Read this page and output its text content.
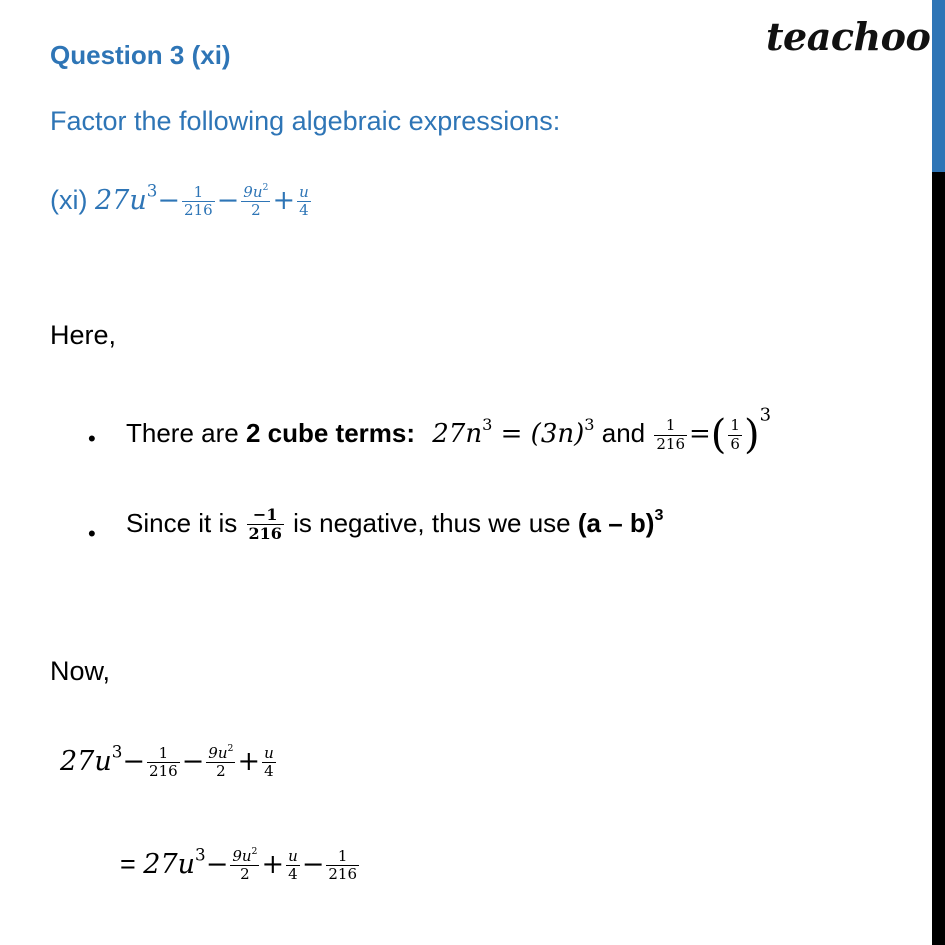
teachoo
Question 3 (xi)
Factor the following algebraic expressions:
(xi) $27u^3- \frac{1}{216} - \frac{9u^2}{2} + \frac{u}{4}$
Here,
• There are 2 cube terms: $27n^3 = (3n)^3$ and $\frac{1}{216}$ =( $\frac{1}{6} )^3$
• Since it is $\frac{-1}{216}$ is negative, thus we use (a – b)$^3$
Now,
$27u^3- \frac{1}{216} - \frac{9u^2}{2} + \frac{u}{4}$
= $27u^3- \frac{9u^2}{2} + \frac{u}{4} - \frac{1}{216}$
